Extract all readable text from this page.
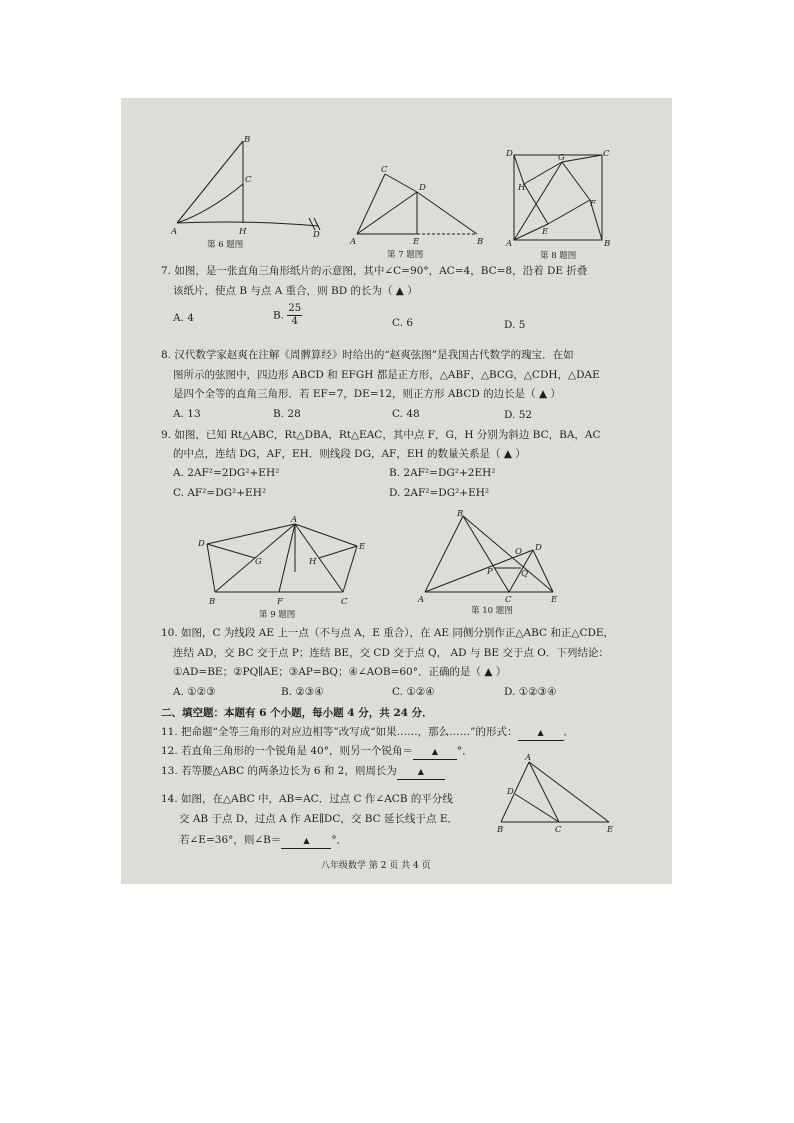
B
C
A	H	D
第 6 题图
C
D
A	E	B
第 7 题图
D	C
G
H
F
E
A	B
第 8 题图
7. 如图，是一张直角三角形纸片的示意图，其中∠C=90°，AC=4，BC=8，沿着 DE 折叠
该纸片，使点 B 与点 A 重合，则 BD 的长为（ ▲ ）
A. 4	B. $\frac{25}{4}$	C. 6	D. 5
8. 汉代数学家赵爽在注解《周髀算经》时给出的“赵爽弦图”是我国古代数学的瑰宝．在如
图所示的弦图中，四边形 ABCD 和 EFGH 都是正方形，△ABF，△BCG，△CDH，△DAE
是四个全等的直角三角形．若 EF=7，DE=12，则正方形 ABCD 的边长是（ ▲ ）
A. 13	B. 28	C. 48	D. 52
9. 如图，已知 Rt△ABC，Rt△DBA，Rt△EAC，其中点 F，G，H 分别为斜边 BC，BA，AC
的中点，连结 DG，AF，EH．则线段 DG，AF，EH 的数量关系是（ ▲ ）
A. 2AF²=2DG²+EH²	B. 2AF²=DG²+2EH²
C. AF²=DG²+EH²	D. 2AF²=DG²+EH²
A
D	E
G	H
B	F	C
第 9 题图
B
D
O
P	Q
A	C	E
第 10 题图
10. 如图，C 为线段 AE 上一点（不与点 A，E 重合），在 AE 同侧分别作正△ABC 和正△CDE，
连结 AD，交 BC 交于点 P；连结 BE，交 CD 交于点 Q， AD 与 BE 交于点 O．下列结论：
①AD=BE；②PQ∥AE；③AP=BQ；④∠AOB=60°．正确的是（ ▲ ）
A. ①②③	B. ②③④	C. ①②④	D. ①②③④
二、填空题：本题有 6 个小题，每小题 4 分，共 24 分．
11. 把命题“全等三角形的对应边相等”改写成“如果……，那么……”的形式： ▲ ．
12. 若直角三角形的一个锐角是 40°，则另一个锐角＝ ▲ °．
13. 若等腰△ABC 的两条边长为 6 和 2，则周长为	▲
14. 如图，在△ABC 中，AB=AC．过点 C 作∠ACB 的平分线
交 AB 于点 D，过点 A 作 AE∥DC，交 BC 延长线于点 E．
若∠E=36°，则∠B＝	▲ °．
A
D
B	C	E
八年级数学 第 2 页 共 4 页
